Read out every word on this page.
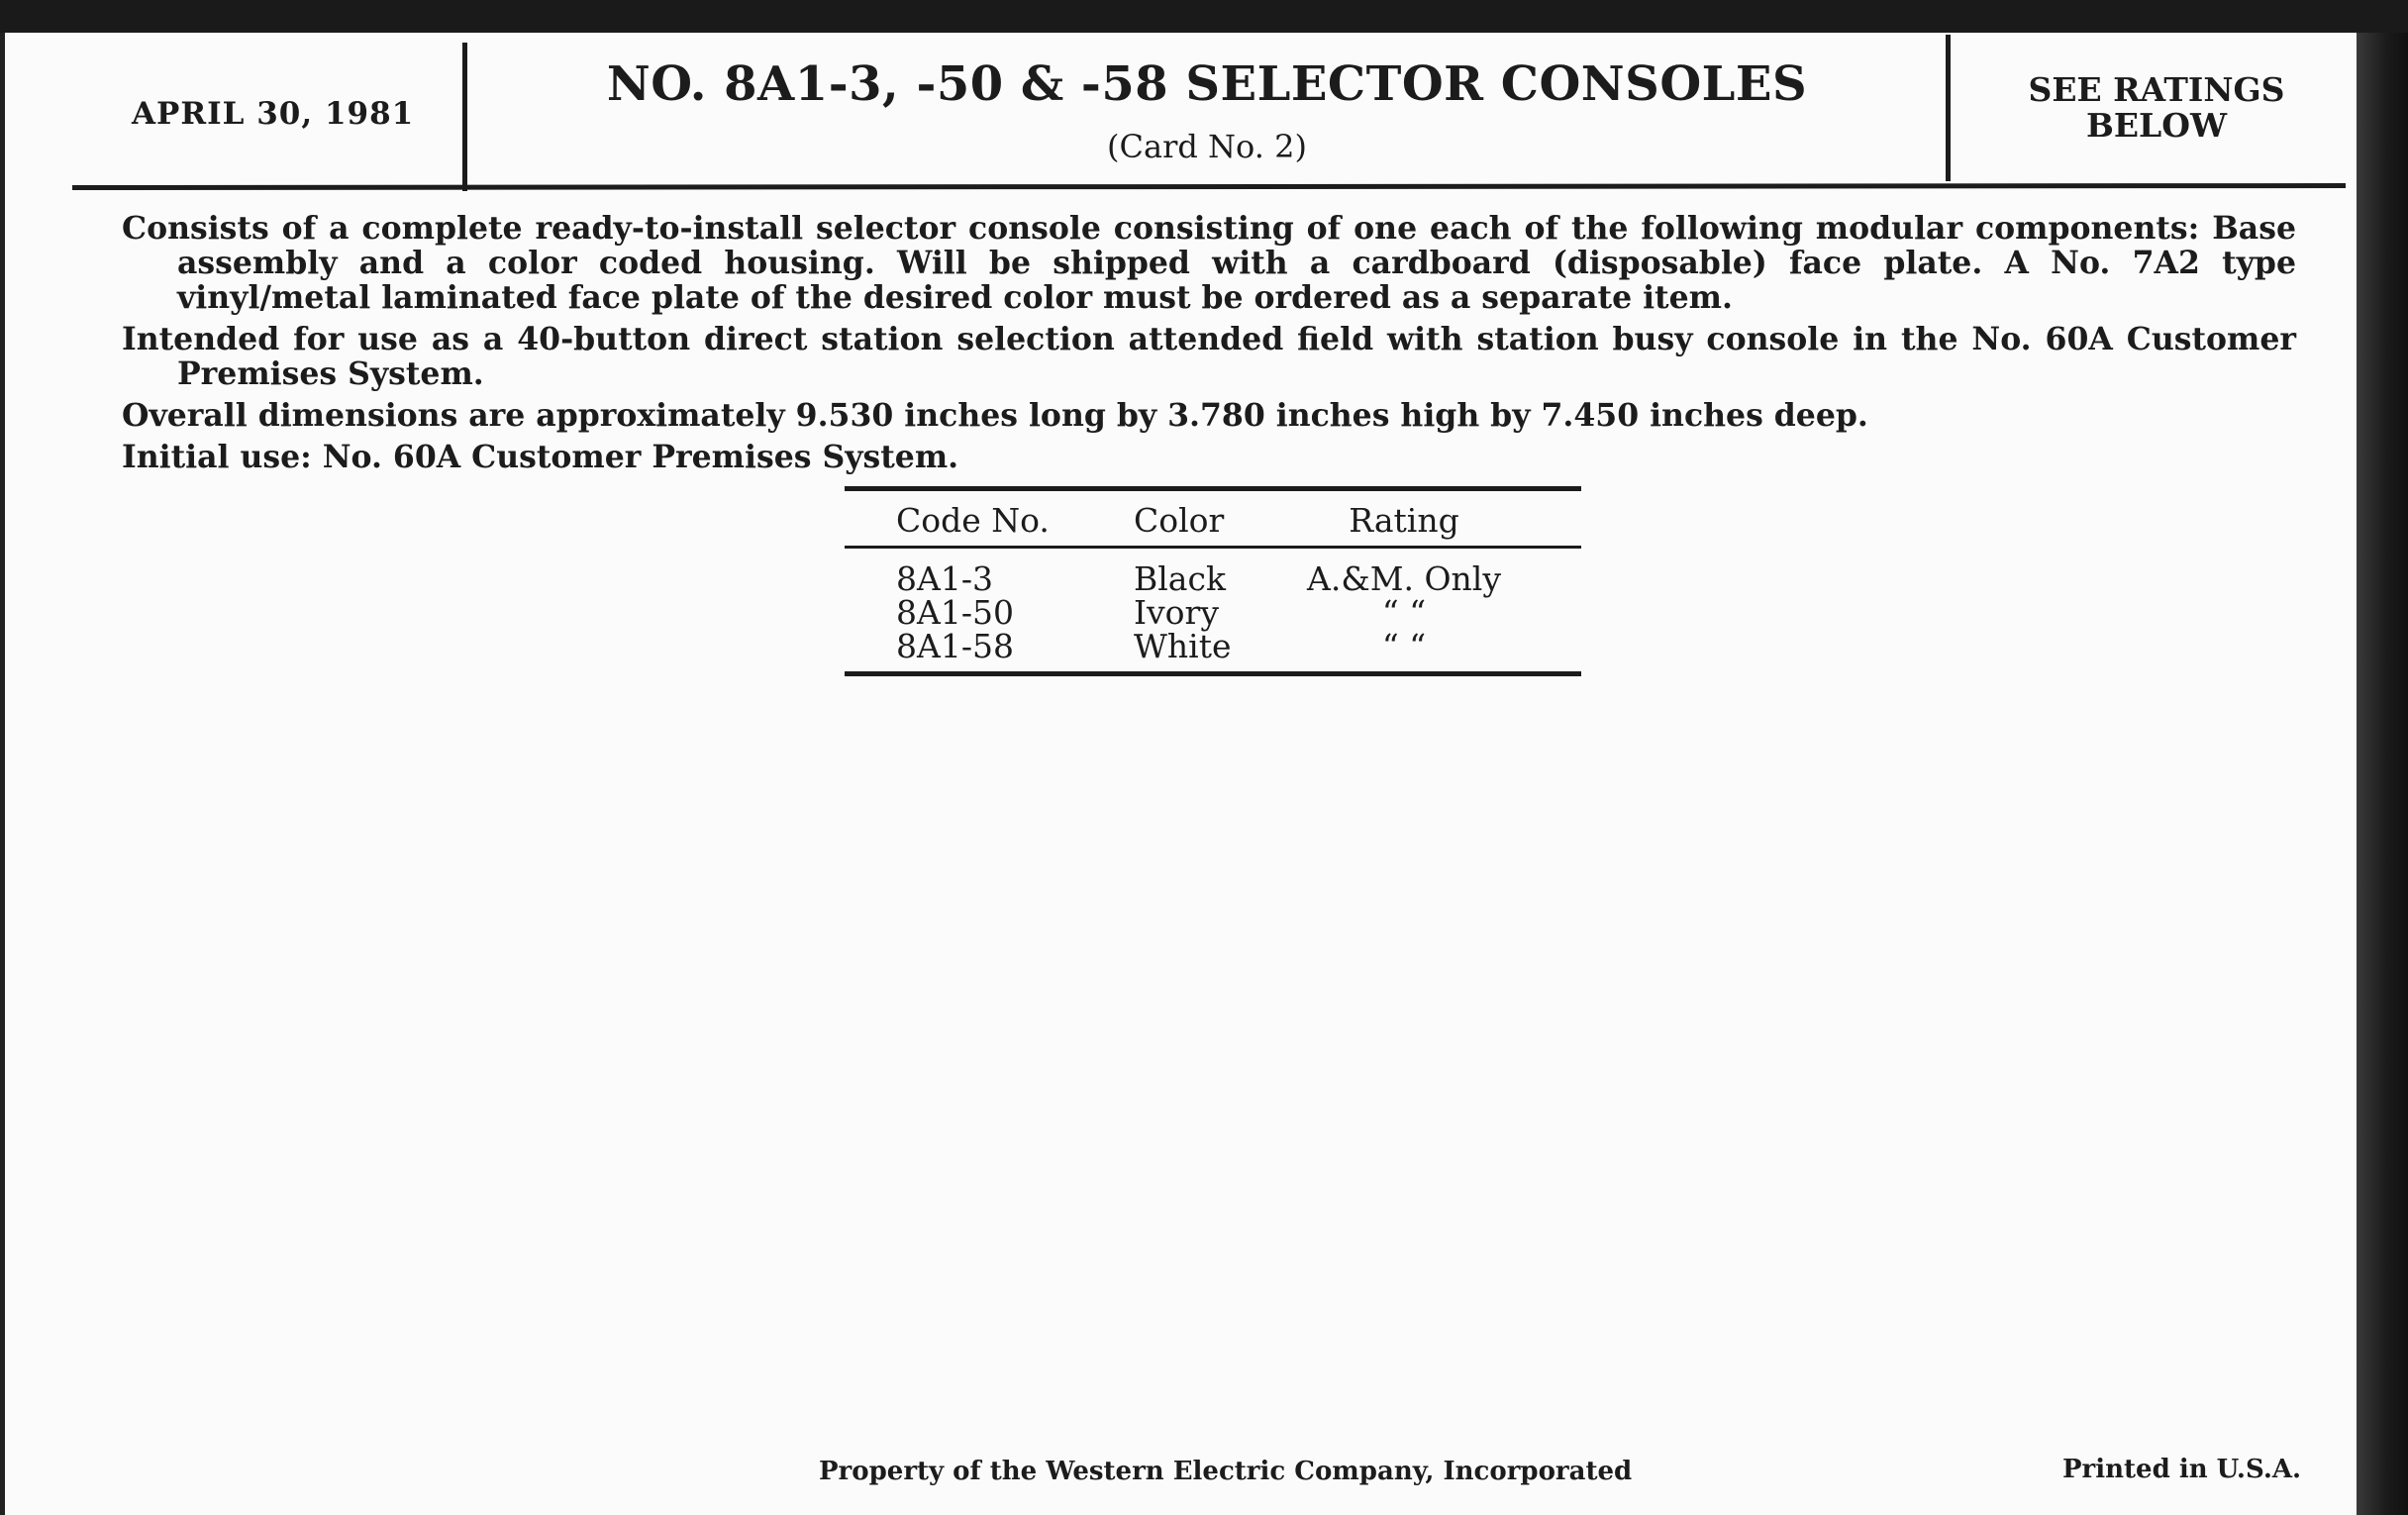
APRIL 30, 1981
NO. 8A1-3, -50 & -58 SELECTOR CONSOLES
(Card No. 2)
SEE RATINGS
BELOW

Consists of a complete ready-to-install selector console consisting of one each of the following modular components: Base assembly and a color coded housing. Will be shipped with a cardboard (disposable) face plate. A No. 7A2 type vinyl/metal laminated face plate of the desired color must be ordered as a separate item.

Intended for use as a 40-button direct station selection attended field with station busy console in the No. 60A Customer Premises System.

Overall dimensions are approximately 9.530 inches long by 3.780 inches high by 7.450 inches deep.

Initial use: No. 60A Customer Premises System.

Code No.	Color	Rating
8A1-3	Black	A.&M. Only
8A1-50	Ivory	“ “
8A1-58	White	“ “
Property of the Western Electric Company, Incorporated	Printed in U.S.A.
